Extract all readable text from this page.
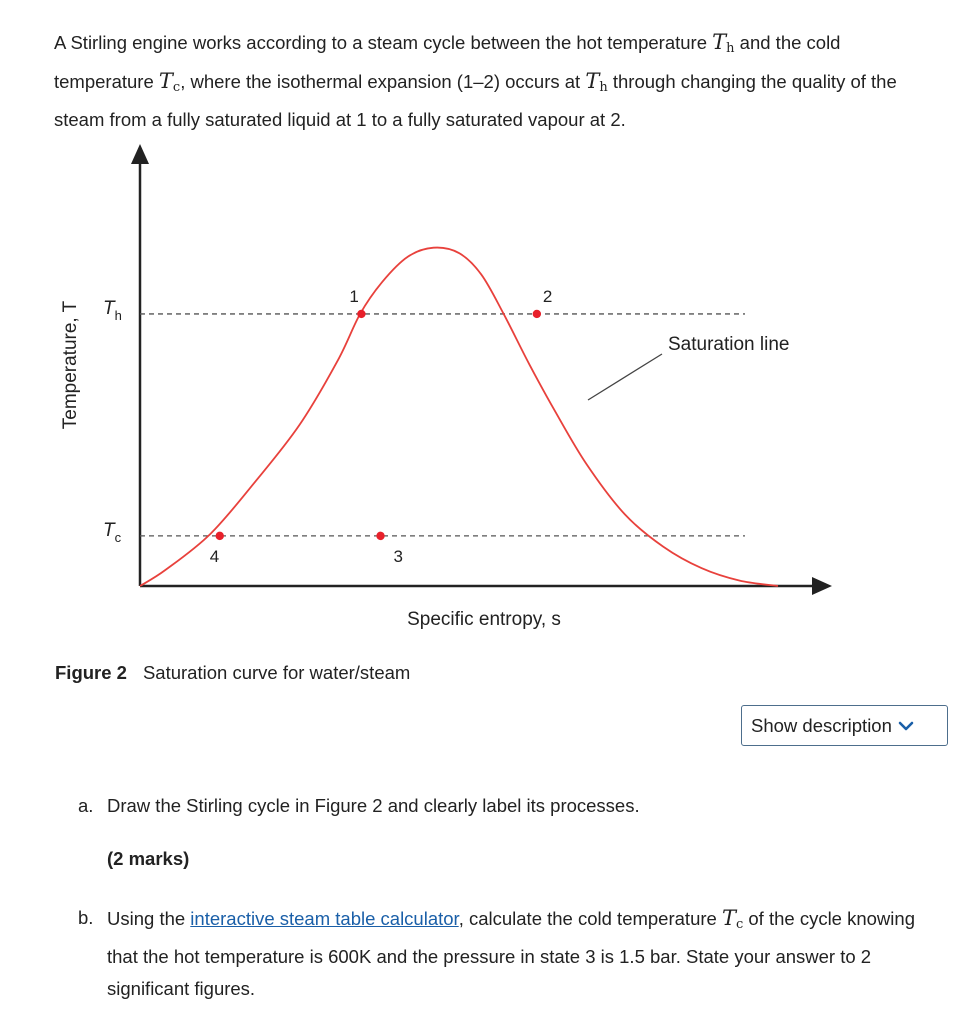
A Stirling engine works according to a steam cycle between the hot temperature $T_h$ and the cold temperature $T_c$, where the isothermal expansion (1–2) occurs at $T_h$ through changing the quality of the steam from a fully saturated liquid at 1 to a fully saturated vapour at 2.

Saturation line
$T_h$
$T_c$
Specific entropy, s
Temperature, T
1	2
3
4

Figure 2 Saturation curve for water/steam

Show description
a. Draw the Stirling cycle in Figure 2 and clearly label its processes.

(2 marks)

b. Using the interactive steam table calculator, calculate the cold temperature $T_c$ of the cycle knowing that the hot temperature is 600K and the pressure in state 3 is 1.5 bar. State your answer to 2 significant figures.
